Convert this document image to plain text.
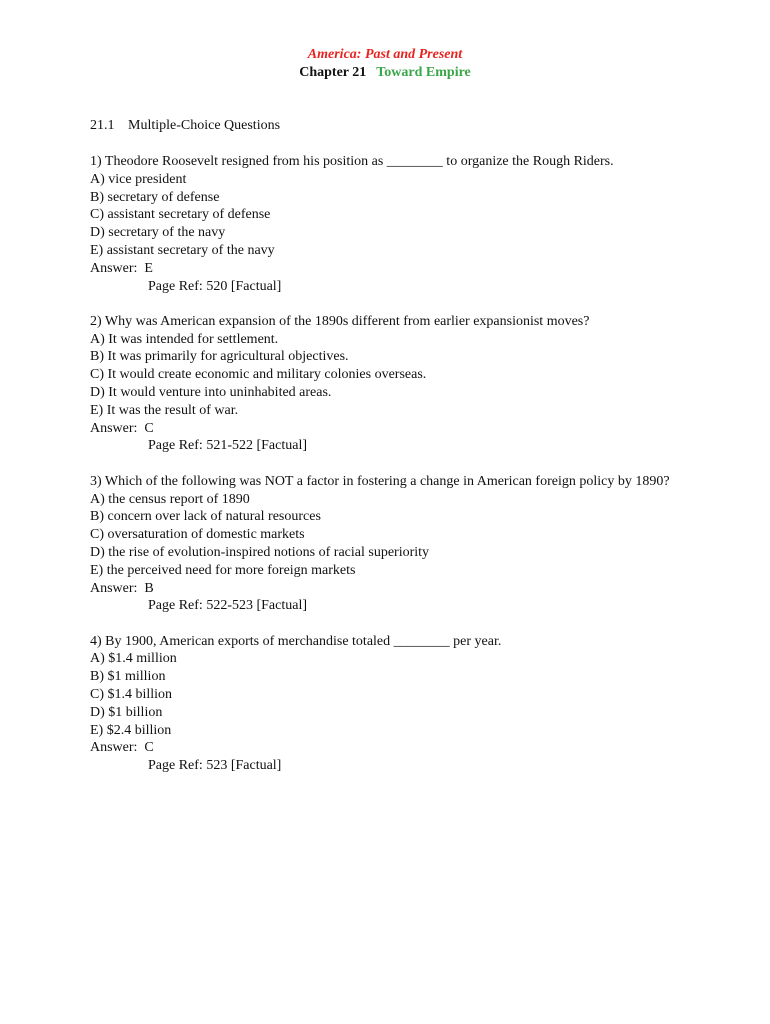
America: Past and Present
Chapter 21 Toward Empire
21.1 Multiple-Choice Questions
1) Theodore Roosevelt resigned from his position as ________ to organize the Rough Riders.
A) vice president
B) secretary of defense
C) assistant secretary of defense
D) secretary of the navy
E) assistant secretary of the navy
Answer:  E
Page Ref: 520 [Factual]
2) Why was American expansion of the 1890s different from earlier expansionist moves?
A) It was intended for settlement.
B) It was primarily for agricultural objectives.
C) It would create economic and military colonies overseas.
D) It would venture into uninhabited areas.
E) It was the result of war.
Answer:  C
Page Ref: 521-522 [Factual]
3) Which of the following was NOT a factor in fostering a change in American foreign policy by 1890?
A) the census report of 1890
B) concern over lack of natural resources
C) oversaturation of domestic markets
D) the rise of evolution-inspired notions of racial superiority
E) the perceived need for more foreign markets
Answer:  B
Page Ref: 522-523 [Factual]
4) By 1900, American exports of merchandise totaled ________ per year.
A) $1.4 million
B) $1 million
C) $1.4 billion
D) $1 billion
E) $2.4 billion
Answer:  C
Page Ref: 523 [Factual]
